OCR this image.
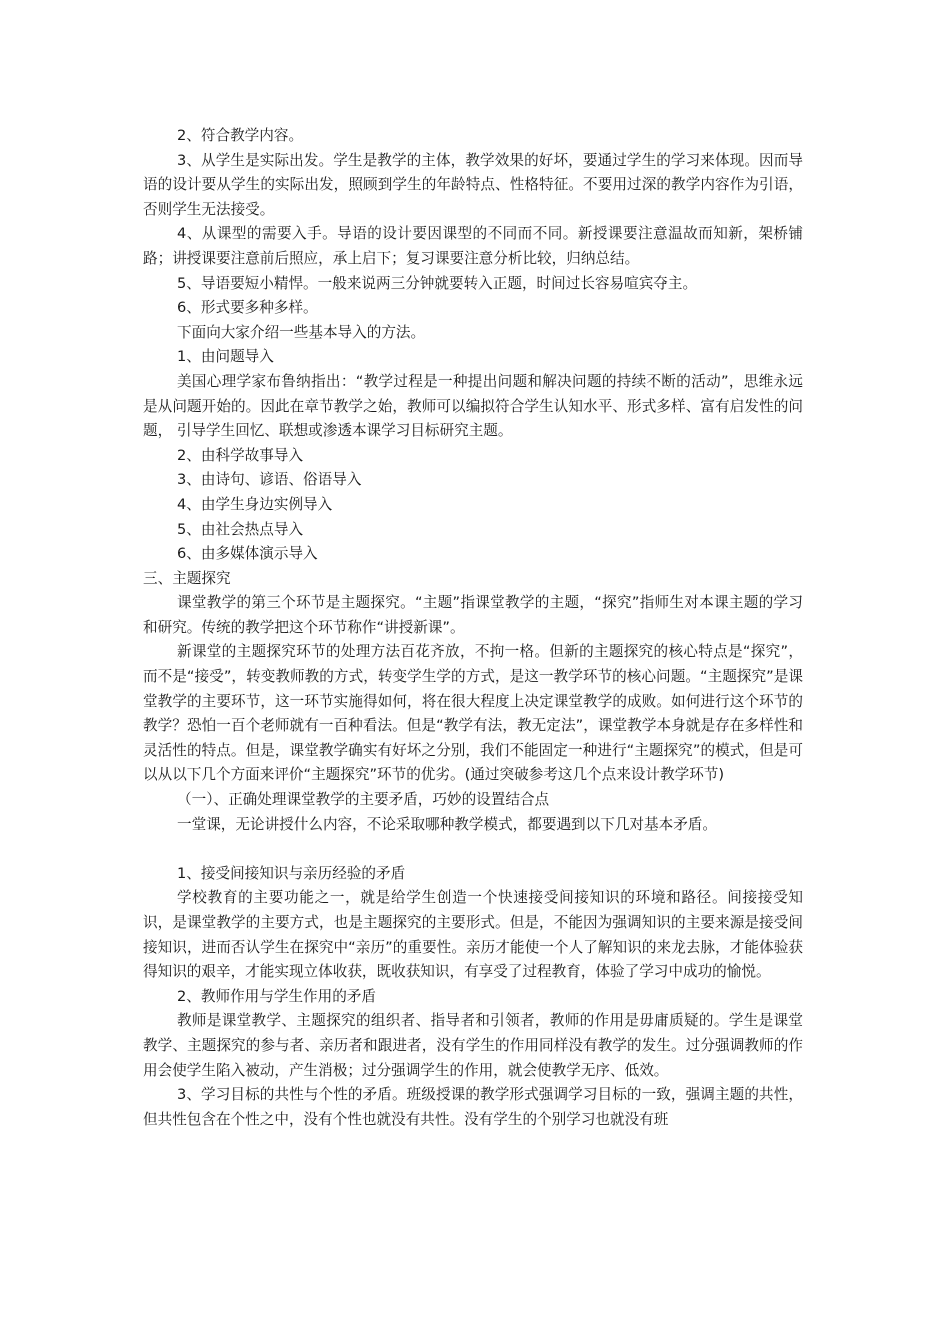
2、符合教学内容。

3、从学生是实际出发。学生是教学的主体，教学效果的好坏，要通过学生的学习来体现。因而导语的设计要从学生的实际出发，照顾到学生的年龄特点、性格特征。不要用过深的教学内容作为引语， 否则学生无法接受。

4、从课型的需要入手。导语的设计要因课型的不同而不同。新授课要注意温故而知新，架桥铺路；讲授课要注意前后照应，承上启下；复习课要注意分析比较，归纳总结。

5、导语要短小精悍。一般来说两三分钟就要转入正题，时间过长容易喧宾夺主。

6、形式要多种多样。

下面向大家介绍一些基本导入的方法。

1、由问题导入

美国心理学家布鲁纳指出：“教学过程是一种提出问题和解决问题的持续不断的活动”，思维永远是从问题开始的。因此在章节教学之始，教师可以编拟符合学生认知水平、形式多样、富有启发性的问题， 引导学生回忆、联想或渗透本课学习目标研究主题。

2、由科学故事导入

3、由诗句、谚语、俗语导入

4、由学生身边实例导入

5、由社会热点导入

6、由多媒体演示导入

三、主题探究

课堂教学的第三个环节是主题探究。“主题”指课堂教学的主题，“探究”指师生对本课主题的学习和研究。传统的教学把这个环节称作“讲授新课”。

新课堂的主题探究环节的处理方法百花齐放，不拘一格。但新的主题探究的核心特点是“探究”，而不是“接受”，转变教师教的方式，转变学生学的方式，是这一教学环节的核心问题。“主题探究”是课堂教学的主要环节，这一环节实施得如何，将在很大程度上决定课堂教学的成败。如何进行这个环节的教学？恐怕一百个老师就有一百种看法。但是“教学有法，教无定法”，课堂教学本身就是存在多样性和灵活性的特点。但是，课堂教学确实有好坏之分别，我们不能固定一种进行“主题探究”的模式，但是可以从以下几个方面来评价“主题探究”环节的优劣。(通过突破参考这几个点来设计教学环节)

（一）、正确处理课堂教学的主要矛盾，巧妙的设置结合点

一堂课，无论讲授什么内容，不论采取哪种教学模式，都要遇到以下几对基本矛盾。

1、接受间接知识与亲历经验的矛盾

学校教育的主要功能之一，就是给学生创造一个快速接受间接知识的环境和路径。间接接受知识，是课堂教学的主要方式，也是主题探究的主要形式。但是，不能因为强调知识的主要来源是接受间接知识，进而否认学生在探究中“亲历”的重要性。亲历才能使一个人了解知识的来龙去脉，才能体验获得知识的艰辛，才能实现立体收获，既收获知识，有享受了过程教育，体验了学习中成功的愉悦。

2、教师作用与学生作用的矛盾

教师是课堂教学、主题探究的组织者、指导者和引领者，教师的作用是毋庸质疑的。学生是课堂教学、主题探究的参与者、亲历者和跟进者，没有学生的作用同样没有教学的发生。过分强调教师的作用会使学生陷入被动，产生消极；过分强调学生的作用，就会使教学无序、低效。

3、学习目标的共性与个性的矛盾。班级授课的教学形式强调学习目标的一致，强调主题的共性，但共性包含在个性之中，没有个性也就没有共性。没有学生的个别学习也就没有班
